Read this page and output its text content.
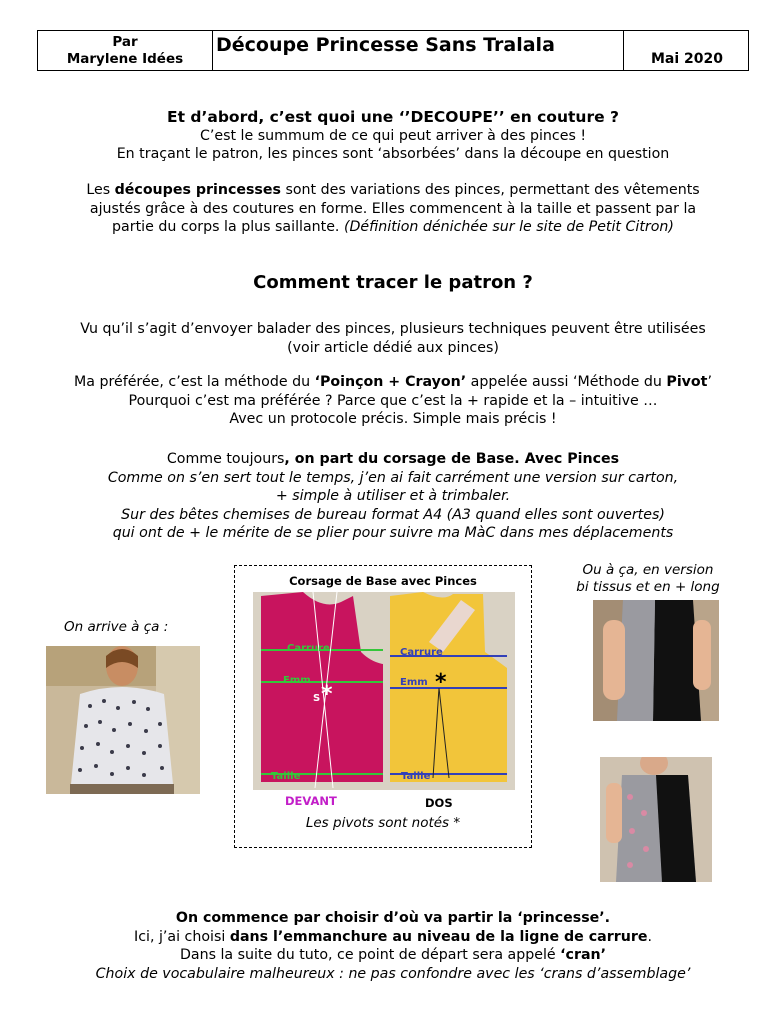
Par
Marylene Idées
Découpe Princesse Sans Tralala
Mai 2020

Et d’abord, c’est quoi une ‘’DECOUPE’’ en couture ?

C’est le summum de ce qui peut arriver à des pinces !

En traçant le patron, les pinces sont ‘absorbées’ dans la découpe en question

Les découpes princesses sont des variations des pinces, permettant des vêtements

ajustés grâce à des coutures en forme. Elles commencent à la taille et passent par la

partie du corps la plus saillante. (Définition dénichée sur le site de Petit Citron)

Comment tracer le patron ?

Vu qu’il s’agit d’envoyer balader des pinces, plusieurs techniques peuvent être utilisées

(voir article dédié aux pinces)

Ma préférée, c’est la méthode du ‘Poinçon + Crayon’ appelée aussi ‘Méthode du Pivot’

Pourquoi c’est ma préférée ? Parce que c’est la + rapide et la – intuitive …

Avec un protocole précis. Simple mais précis !

Comme toujours, on part du corsage de Base. Avec Pinces

Comme on s’en sert tout le temps, j’en ai fait carrément une version sur carton,

+ simple à utiliser et à trimbaler.

Sur des bêtes chemises de bureau format A4 (A3 quand elles sont ouvertes)

qui ont de + le mérite de se plier pour suivre ma MàC dans mes déplacements

On arrive à ça :
Corsage de Base avec Pinces
Carrure
Emm
Taille
S *
Carrure
Emm
Taille
*
DEVANT	DOS
Les pivots sont notés *
Ou à ça, en version
bi tissus et en + long

On commence par choisir d’où va partir la ‘princesse’.

Ici, j’ai choisi dans l’emmanchure au niveau de la ligne de carrure.

Dans la suite du tuto, ce point de départ sera appelé ‘cran’

Choix de vocabulaire malheureux : ne pas confondre avec les ‘crans d’assemblage’
